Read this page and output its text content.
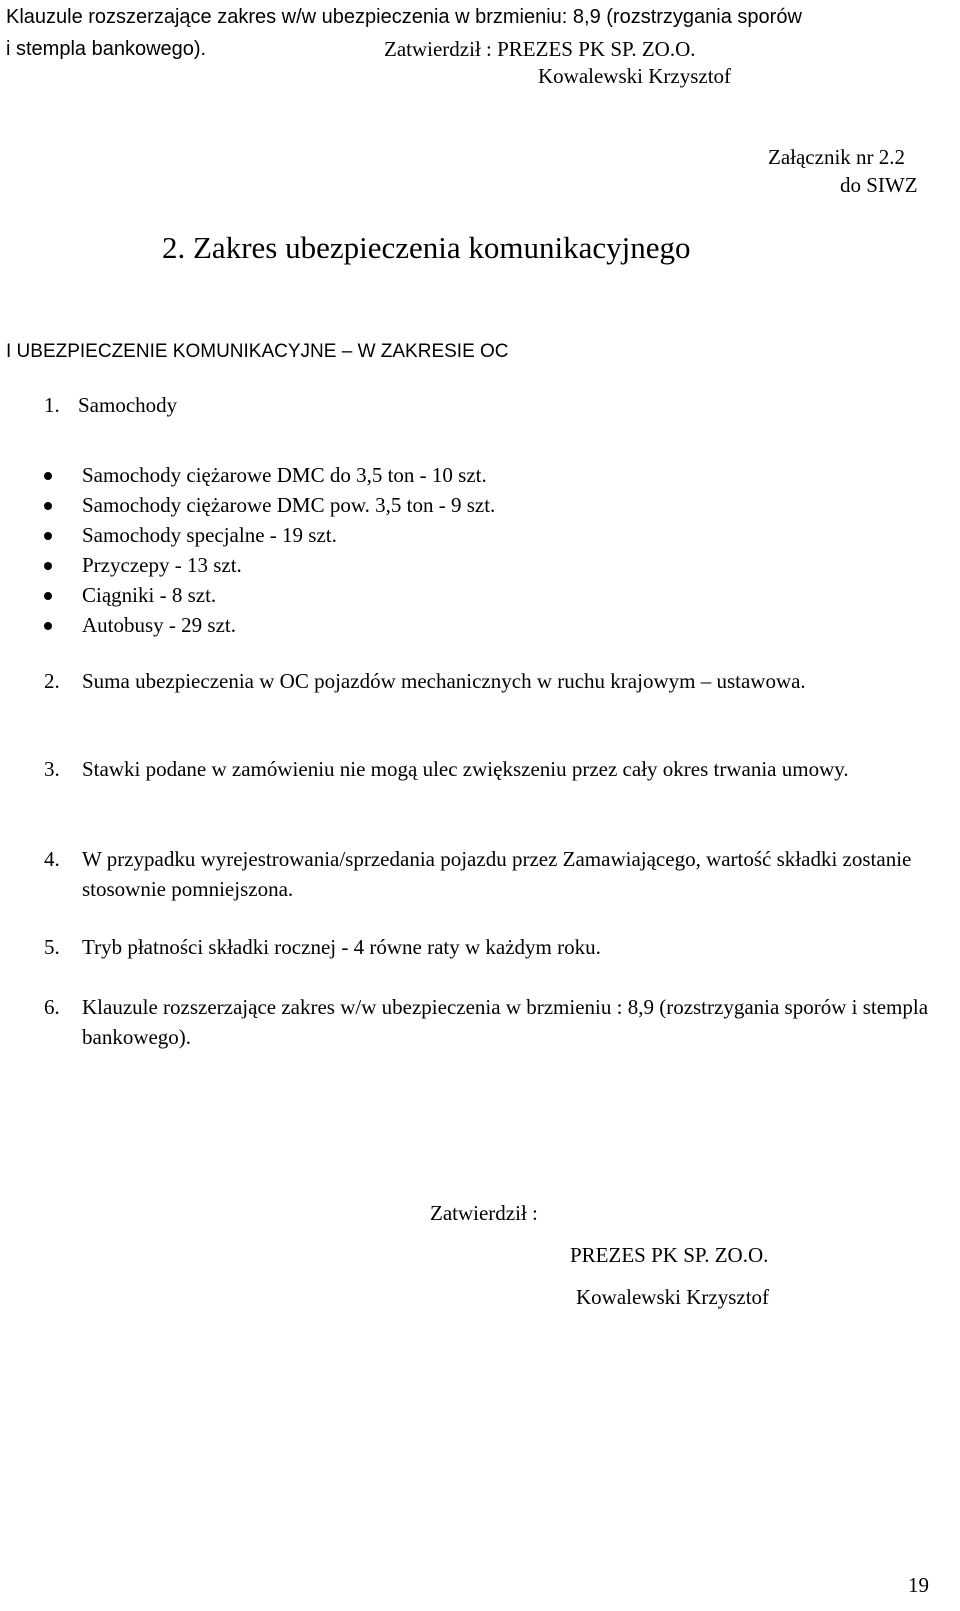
Klauzule rozszerzające zakres w/w ubezpieczenia w brzmieniu: 8,9 (rozstrzygania sporów
i stempla bankowego).	Zatwierdził : PREZES PK SP. ZO.O.
Kowalewski Krzysztof
Załącznik nr 2.2
do SIWZ
2. Zakres ubezpieczenia komunikacyjnego
I UBEZPIECZENIE KOMUNIKACYJNE – W ZAKRESIE OC
1. Samochody
Samochody ciężarowe DMC do 3,5 ton - 10 szt.
Samochody ciężarowe DMC pow. 3,5 ton - 9 szt.
Samochody specjalne - 19 szt.
Przyczepy - 13 szt.
Ciągniki - 8 szt.
Autobusy - 29 szt.
2. Suma ubezpieczenia w OC pojazdów mechanicznych w ruchu krajowym – ustawowa.
3. Stawki podane w zamówieniu nie mogą ulec zwiększeniu przez cały okres trwania umowy.
4. W przypadku wyrejestrowania/sprzedania pojazdu przez Zamawiającego, wartość składki zostanie stosownie pomniejszona.
5. Tryb płatności składki rocznej - 4 równe raty w każdym roku.
6. Klauzule rozszerzające zakres w/w ubezpieczenia w brzmieniu : 8,9 (rozstrzygania sporów i stempla bankowego).
Zatwierdził :
PREZES PK SP. ZO.O.
Kowalewski Krzysztof
19
